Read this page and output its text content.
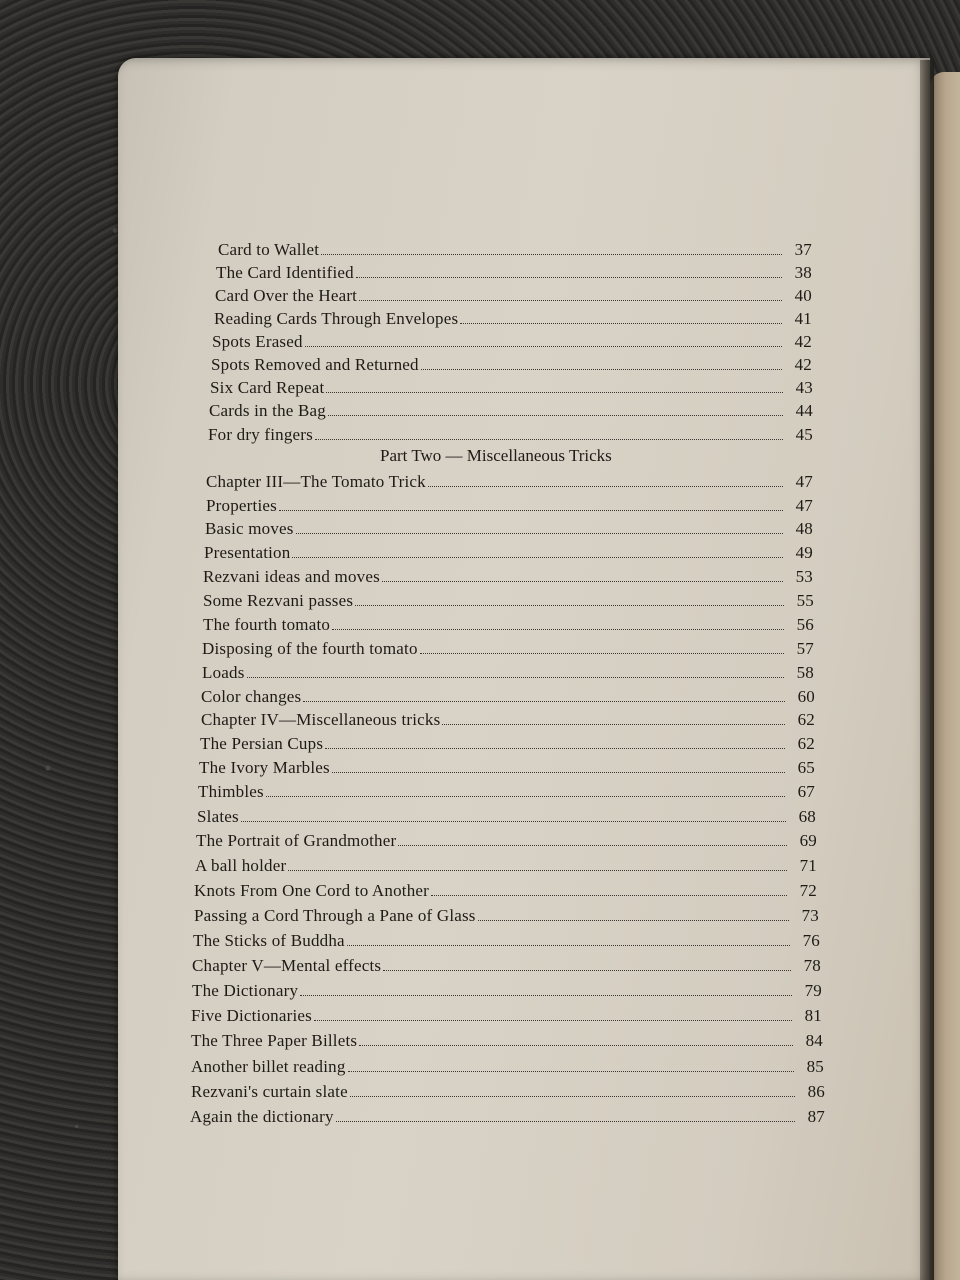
Part Two — Miscellaneous Tricks
Card to Wallet	37
The Card Identified	38
Card Over the Heart	40
Reading Cards Through Envelopes	41
Spots Erased	42
Spots Removed and Returned	42
Six Card Repeat	43
Cards in the Bag	44
For dry fingers	45
Chapter III—The Tomato Trick	47
Properties	47
Basic moves	48
Presentation	49
Rezvani ideas and moves	53
Some Rezvani passes	55
The fourth tomato	56
Disposing of the fourth tomato	57
Loads	58
Color changes	60
Chapter IV—Miscellaneous tricks	62
The Persian Cups	62
The Ivory Marbles	65
Thimbles	67
Slates	68
The Portrait of Grandmother	69
A ball holder	71
Knots From One Cord to Another	72
Passing a Cord Through a Pane of Glass	73
The Sticks of Buddha	76
Chapter V—Mental effects	78
The Dictionary	79
Five Dictionaries	81
The Three Paper Billets	84
Another billet reading	85
Rezvani's curtain slate	86
Again the dictionary	87
